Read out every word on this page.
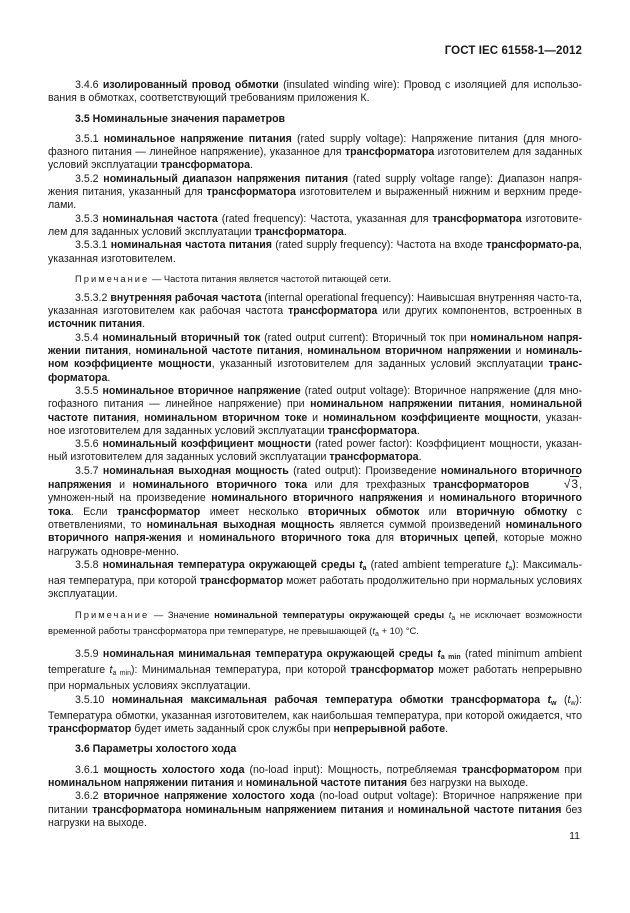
ГОСТ IEC 61558-1—2012

3.4.6 изолированный провод обмотки (insulated winding wire): Провод с изоляцией для использо-вания в обмотках, соответствующий требованиям приложения К.

3.5 Номинальные значения параметров

3.5.1 номинальное напряжение питания (rated supply voltage): Напряжение питания (для много-фазного питания — линейное напряжение), указанное для трансформатора изготовителем для заданных условий эксплуатации трансформатора.

3.5.2 номинальный диапазон напряжения питания (rated supply voltage range): Диапазон напря-жения питания, указанный для трансформатора изготовителем и выраженный нижним и верхним преде-лами.

3.5.3 номинальная частота (rated frequency): Частота, указанная для трансформатора изготовите-лем для заданных условий эксплуатации трансформатора.

3.5.3.1 номинальная частота питания (rated supply frequency): Частота на входе трансформато-ра, указанная изготовителем.

Примечание — Частота питания является частотой питающей сети.

3.5.3.2 внутренняя рабочая частота (internal operational frequency): Наивысшая внутренняя часто-та, указанная изготовителем как рабочая частота трансформатора или других компонентов, встроенных в источник питания.

3.5.4 номинальный вторичный ток (rated output current): Вторичный ток при номинальном напря-жении питания, номинальной частоте питания, номинальном вторичном напряжении и номиналь-ном коэффициенте мощности, указанный изготовителем для заданных условий эксплуатации транс-форматора.

3.5.5 номинальное вторичное напряжение (rated output voltage): Вторичное напряжение (для мно-гофазного питания — линейное напряжение) при номинальном напряжении питания, номинальной частоте питания, номинальном вторичном токе и номинальном коэффициенте мощности, указан-ное изготовителем для заданных условий эксплуатации трансформатора.

3.5.6 номинальный коэффициент мощности (rated power factor): Коэффициент мощности, указан-ный изготовителем для заданных условий эксплуатации трансформатора.

3.5.7 номинальная выходная мощность (rated output): Произведение номинального вторичного напряжения и номинального вторичного тока или для трехфазных трансформаторов	√3, умножен-ный на произведение номинального вторичного напряжения и номинального вторичного тока. Если трансформатор имеет несколько вторичных обмоток или вторичную обмотку с ответвлениями, то номинальная выходная мощность является суммой произведений номинального вторичного напря-жения и номинального вторичного тока для вторичных цепей, которые можно нагружать одновре-менно.

3.5.8 номинальная температура окружающей среды $t_a$ (rated ambient temperature $t_a$): Максималь-ная температура, при которой трансформатор может работать продолжительно при нормальных условиях эксплуатации.

Примечание — Значение номинальной температуры окружающей среды $t_a$ не исключает возможности временной работы трансформатора при температуре, не превышающей $(t_a + 10)$ °С.

3.5.9 номинальная минимальная температура окружающей среды $t_{a min}$ (rated minimum ambient temperature $t_{a min}$): Минимальная температура, при которой трансформатор может работать непрерывно при нормальных условиях эксплуатации.

3.5.10 номинальная максимальная рабочая температура обмотки трансформатора $t_w$ $(t_w)$: Температура обмотки, указанная изготовителем, как наибольшая температура, при которой ожидается, что трансформатор будет иметь заданный срок службы при непрерывной работе.

3.6 Параметры холостого хода

3.6.1 мощность холостого хода (no-load input): Мощность, потребляемая трансформатором при номинальном напряжении питания и номинальной частоте питания без нагрузки на выходе.

3.6.2 вторичное напряжение холостого хода (no-load output voltage): Вторичное напряжение при питании трансформатора номинальным напряжением питания и номинальной частоте питания без нагрузки на выходе.

11
